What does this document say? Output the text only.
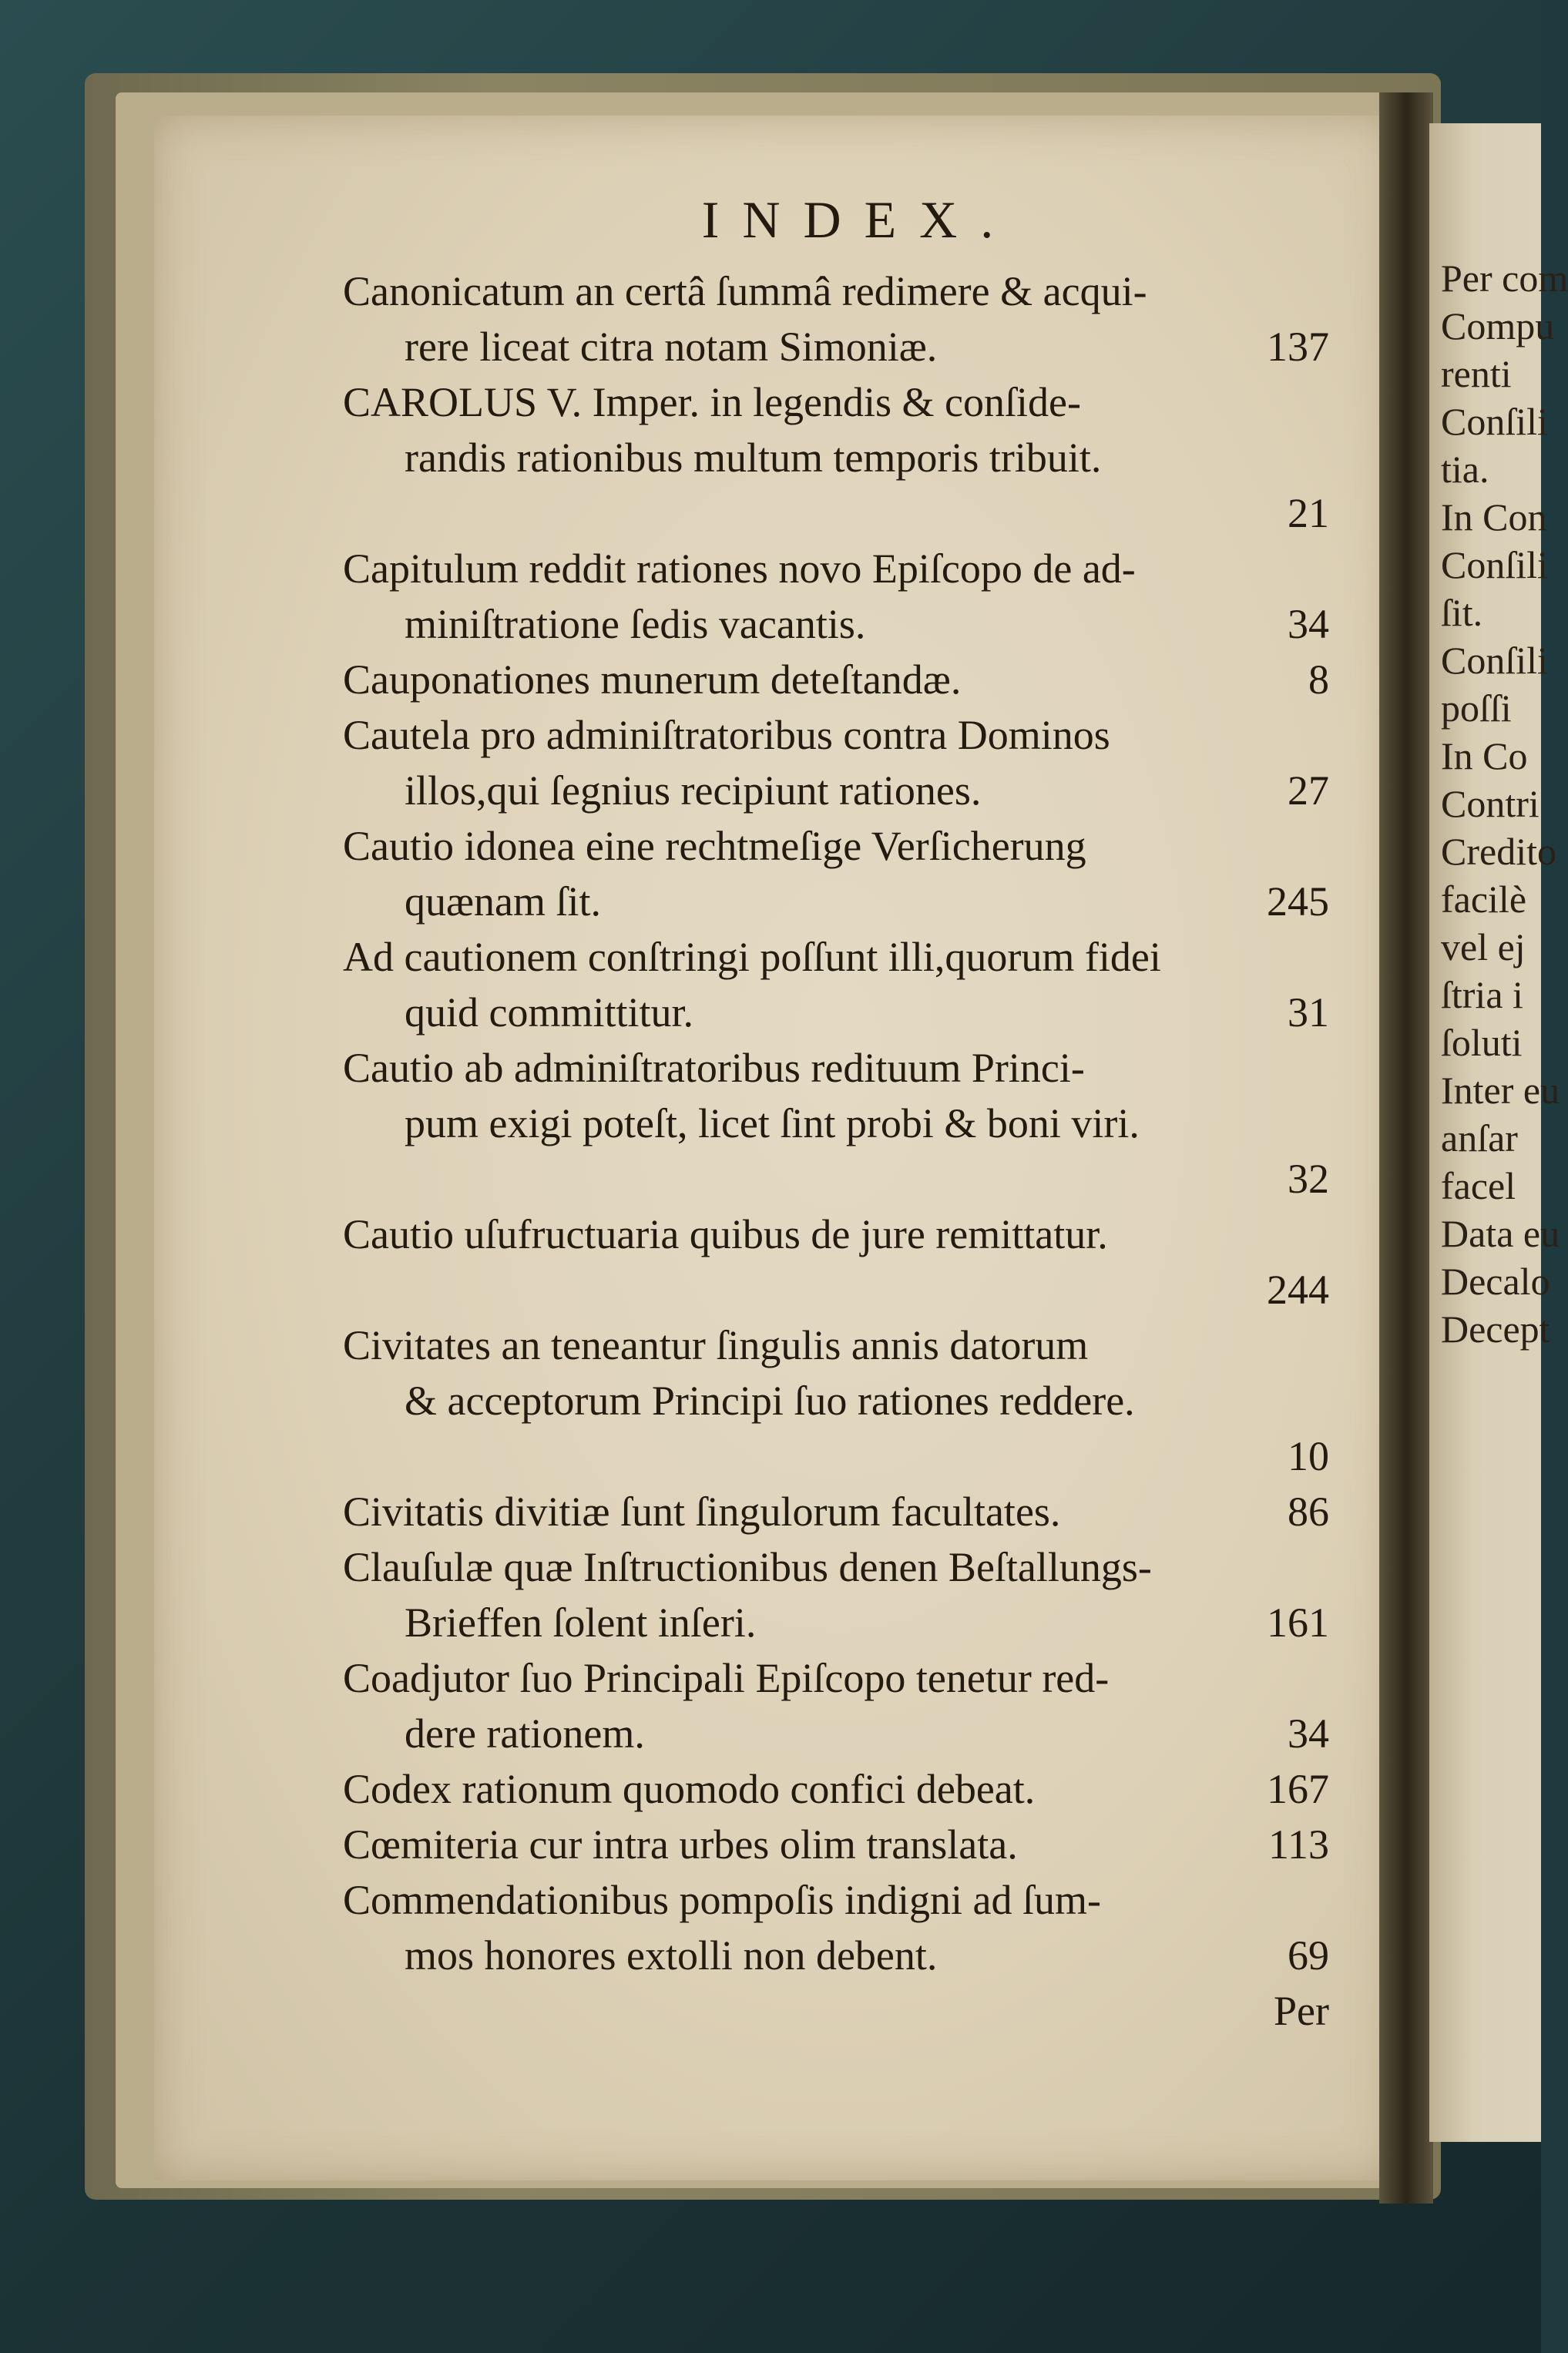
Per com
Compu
renti
Conſili
tia.
In Con
Conſili
ſit.
Conſili
poſſi
In Co
Contri
Credito
facilè
vel ej
ſtria i
ſoluti
Inter eu
anſar
facel
Data eu
Decalo
Decept
INDEX.
Canonicatum an certâ ſummâ redimere & acqui-
rere liceat citra notam Simoniæ.	137
CAROLUS V. Imper. in legendis & conſide-
randis rationibus multum temporis tribuit.
21
Capitulum reddit rationes novo Epiſcopo de ad-
miniſtratione ſedis vacantis.	34
Cauponationes munerum deteſtandæ.	8
Cautela pro adminiſtratoribus contra Dominos
illos,qui ſegnius recipiunt rationes.	27
Cautio idonea eine rechtmeſige Verſicherung
quænam ſit.	245
Ad cautionem conſtringi poſſunt illi,quorum fidei
quid committitur.	31
Cautio ab adminiſtratoribus redituum Princi-
pum exigi poteſt, licet ſint probi & boni viri.
32
Cautio uſufructuaria quibus de jure remittatur.
244
Civitates an teneantur ſingulis annis datorum
& acceptorum Principi ſuo rationes reddere.
10
Civitatis divitiæ ſunt ſingulorum facultates.	86
Clauſulæ quæ Inſtructionibus denen Beſtallungs-
Brieffen ſolent inſeri.	161
Coadjutor ſuo Principali Epiſcopo tenetur red-
dere rationem.	34
Codex rationum quomodo confici debeat.	167
Cœmiteria cur intra urbes olim translata.	113
Commendationibus pompoſis indigni ad ſum-
mos honores extolli non debent.	69
Per
